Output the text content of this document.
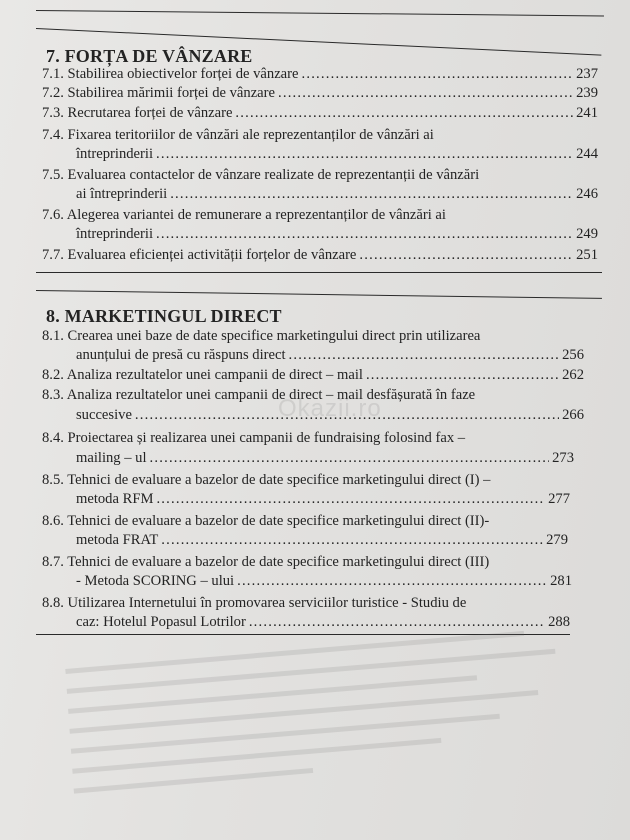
7. FORȚA DE VÂNZARE
7.1. Stabilirea obiectivelor forței de vânzare .....	237
7.2. Stabilirea mărimii forței de vânzare .....	239
7.3. Recrutarea forței de vânzare .....	241
7.4. Fixarea teritoriilor de vânzări ale reprezentanților de vânzări ai
întreprinderii .....	244
7.5. Evaluarea contactelor de vânzare realizate de reprezentanții de vânzări
ai întreprinderii .....	246
7.6. Alegerea variantei de remunerare a reprezentanților de vânzări ai
întreprinderii .....	249
7.7. Evaluarea eficienței activității forțelor de vânzare .....	251
8. MARKETINGUL DIRECT
8.1. Crearea unei baze de date specifice marketingului direct prin utilizarea
anunțului de presă cu răspuns direct .....	256
8.2. Analiza rezultatelor unei campanii de direct – mail .....	262
8.3. Analiza rezultatelor unei campanii de direct – mail desfășurată în faze
succesive .....	266
8.4. Proiectarea și realizarea unei campanii de fundraising folosind fax –
mailing – ul .....	273
8.5. Tehnici de evaluare a bazelor de date specifice marketingului direct (I) –
metoda RFM .....	277
8.6. Tehnici de evaluare a bazelor de date specifice marketingului direct (II)-
metoda FRAT .....	279
8.7. Tehnici de evaluare a bazelor de date specifice marketingului direct (III)
- Metoda SCORING – ului .....	281
8.8. Utilizarea Internetului în promovarea serviciilor turistice - Studiu de
caz: Hotelul Popasul Lotrilor .....	288
Okazii.ro
